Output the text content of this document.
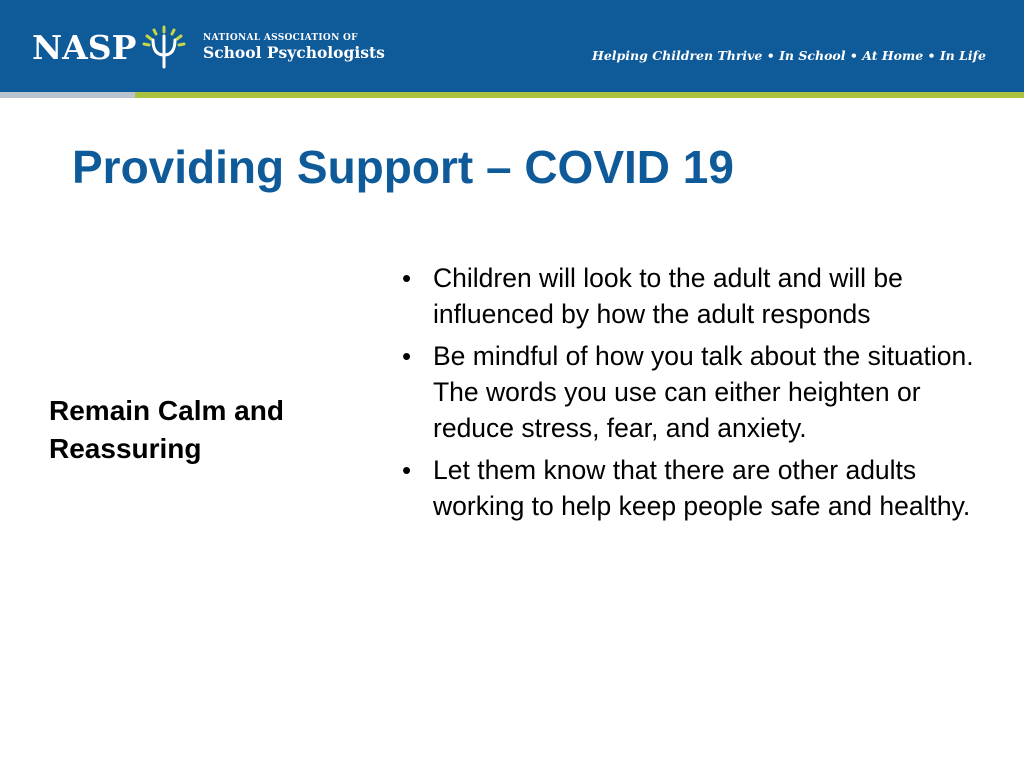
NASP	NATIONAL ASSOCIATION OF
School Psychologists	Helping Children Thrive • In School • At Home • In Life
Providing Support – COVID 19
Remain Calm and Reassuring
• Children will look to the adult and will be influenced by how the adult responds
• Be mindful of how you talk about the situation. The words you use can either heighten or reduce stress, fear, and anxiety.
• Let them know that there are other adults working to help keep people safe and healthy.
